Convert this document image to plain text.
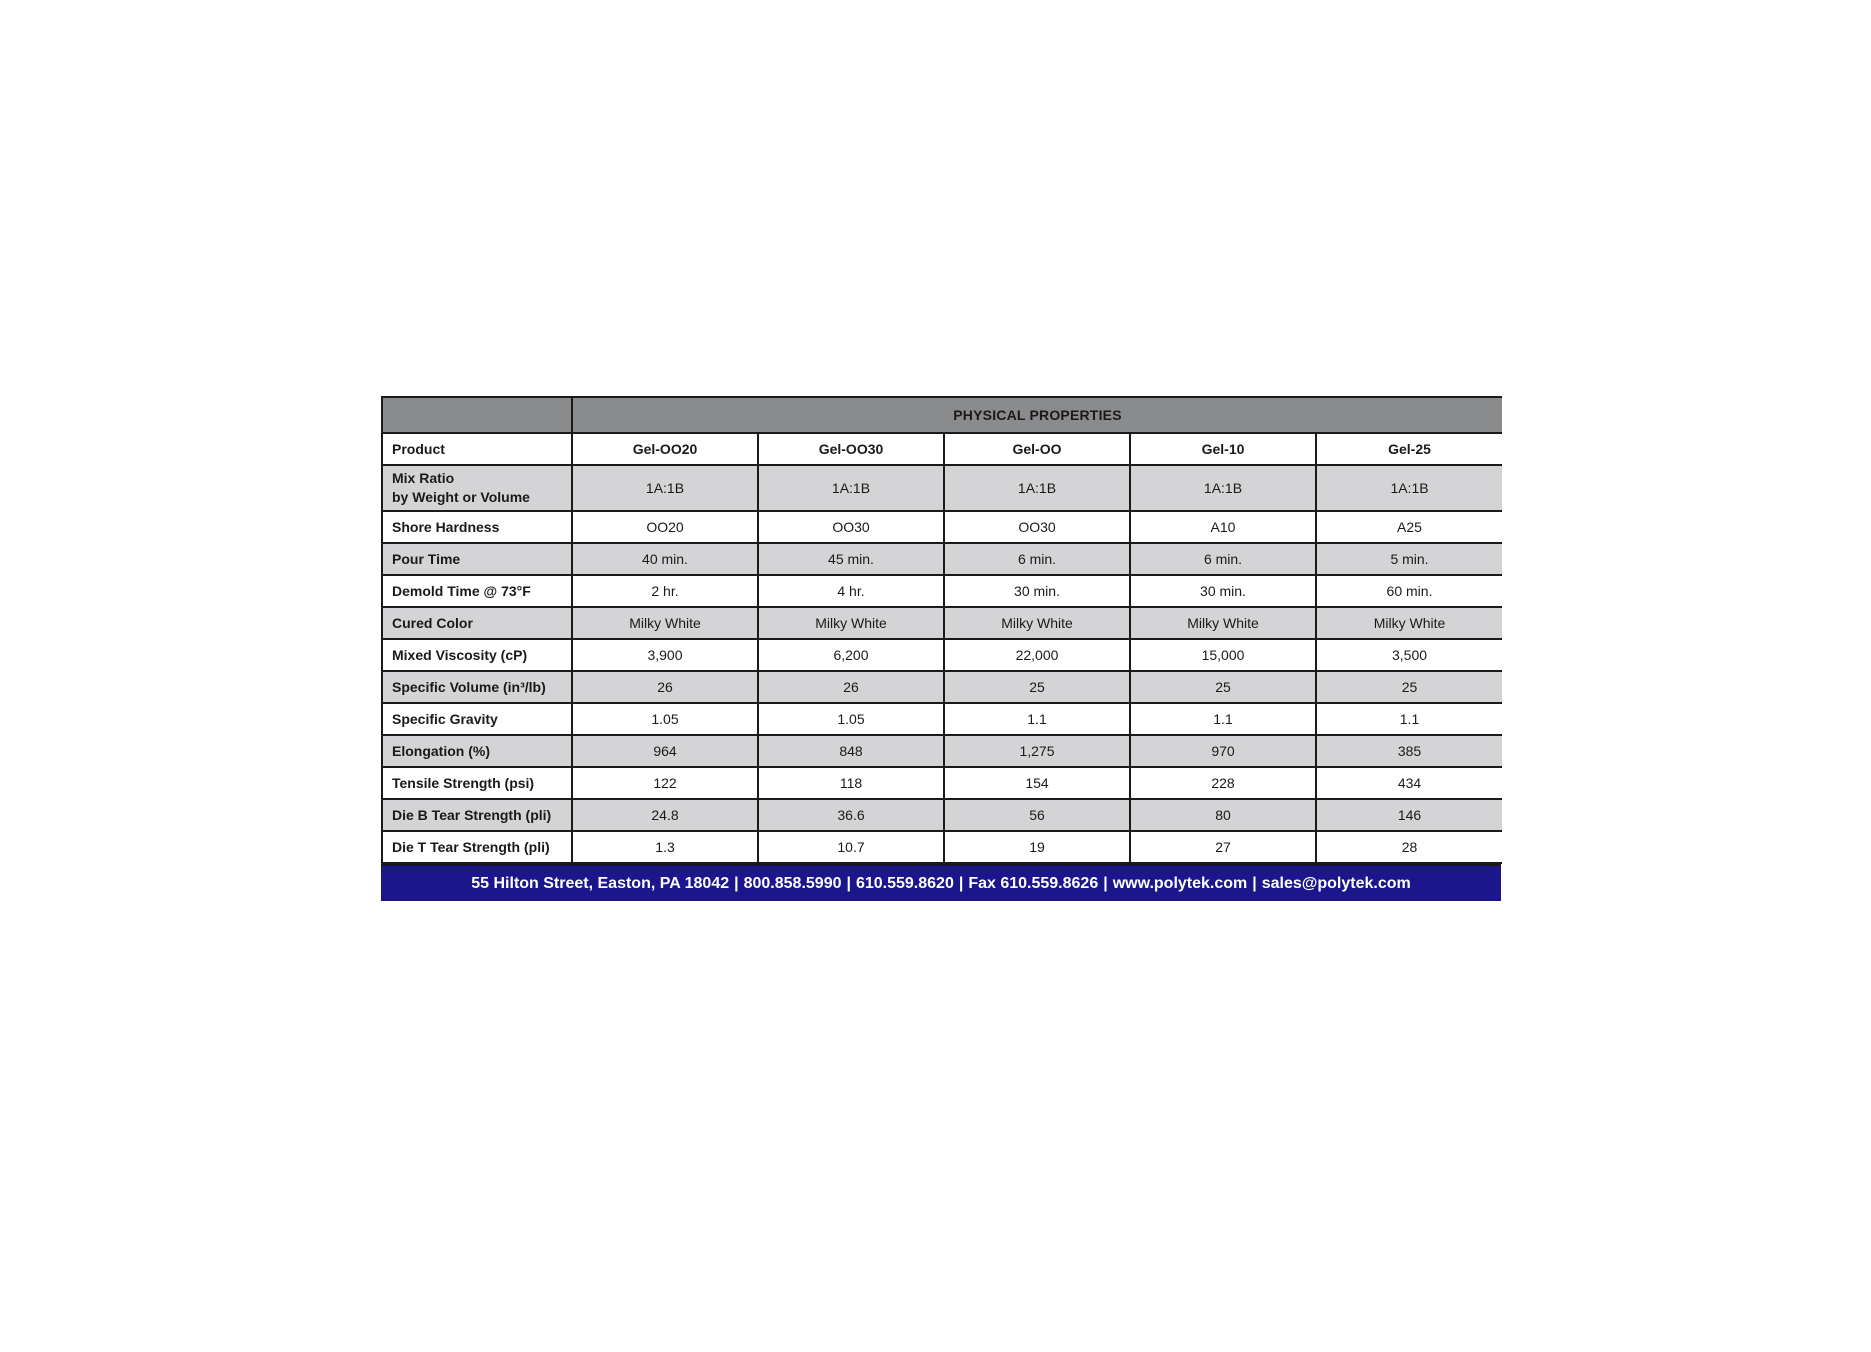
	PHYSICAL PROPERTIES				
Product	Gel-OO20	Gel-OO30	Gel-OO	Gel-10	Gel-25
Mix Ratio
by Weight or Volume	1A:1B	1A:1B	1A:1B	1A:1B	1A:1B
Shore Hardness	OO20	OO30	OO30	A10	A25
Pour Time	40 min.	45 min.	6 min.	6 min.	5 min.
Demold Time @ 73°F	2 hr.	4 hr.	30 min.	30 min.	60 min.
Cured Color	Milky White	Milky White	Milky White	Milky White	Milky White
Mixed Viscosity (cP)	3,900	6,200	22,000	15,000	3,500
Specific Volume (in³/lb)	26	26	25	25	25
Specific Gravity	1.05	1.05	1.1	1.1	1.1
Elongation (%)	964	848	1,275	970	385
Tensile Strength (psi)	122	118	154	228	434
Die B Tear Strength (pli)	24.8	36.6	56	80	146
Die T Tear Strength (pli)	1.3	10.7	19	27	28
55 Hilton Street, Easton, PA 18042 | 800.858.5990 | 610.559.8620 | Fax 610.559.8626 | www.polytek.com | sales@polytek.com
